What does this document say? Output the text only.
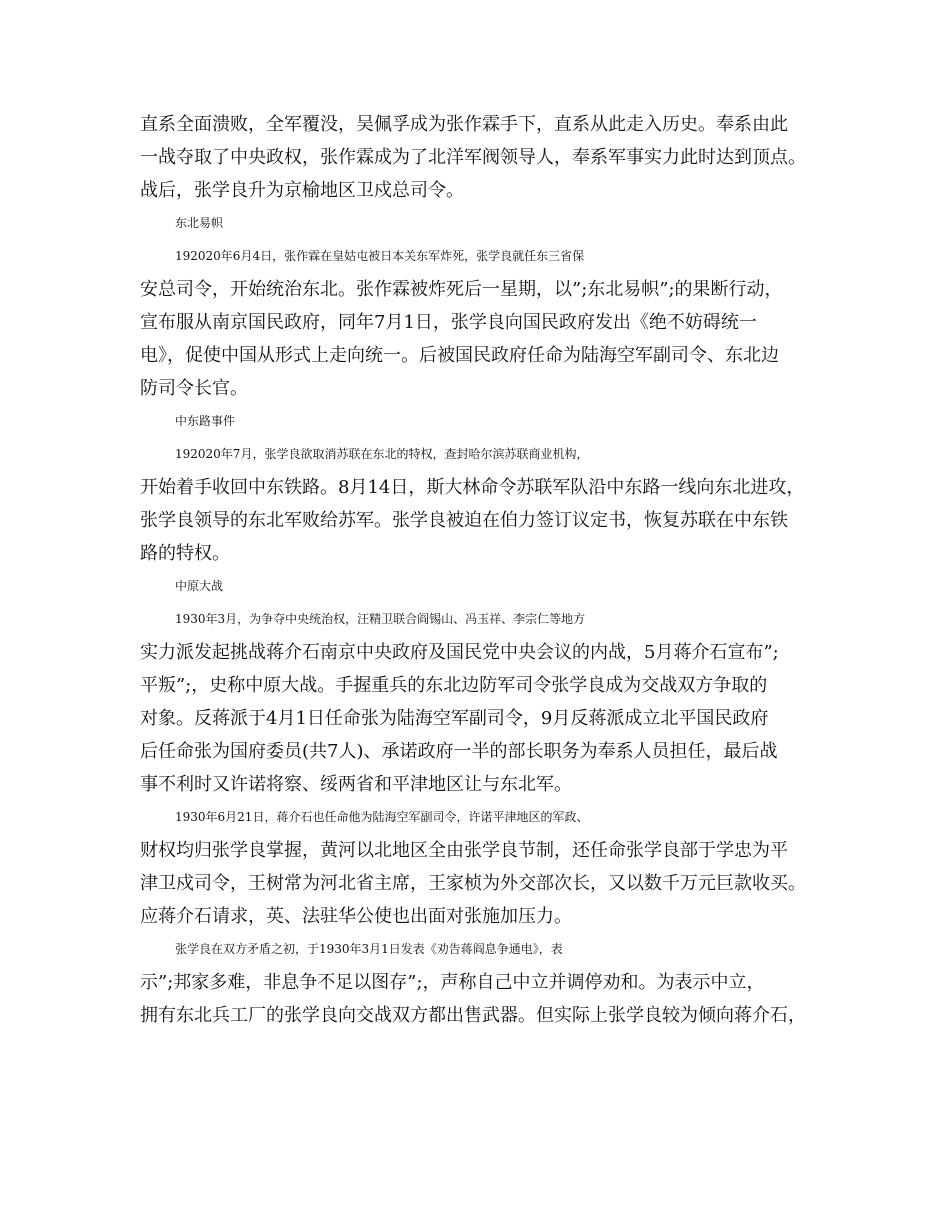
直系全面溃败，全军覆没，吴佩孚成为张作霖手下，直系从此走入历史。奉系由此
一战夺取了中央政权，张作霖成为了北洋军阀领导人，奉系军事实力此时达到顶点。
战后，张学良升为京榆地区卫戍总司令。
东北易帜
192020年6月4日，张作霖在皇姑屯被日本关东军炸死，张学良就任东三省保
安总司令，开始统治东北。张作霖被炸死后一星期，以”;东北易帜”;的果断行动，
宣布服从南京国民政府，同年7月1日，张学良向国民政府发出《绝不妨碍统一
电》，促使中国从形式上走向统一。后被国民政府任命为陆海空军副司令、东北边
防司令长官。
中东路事件
192020年7月，张学良欲取消苏联在东北的特权，查封哈尔滨苏联商业机构，
开始着手收回中东铁路。8月14日，斯大林命令苏联军队沿中东路一线向东北进攻，
张学良领导的东北军败给苏军。张学良被迫在伯力签订议定书，恢复苏联在中东铁
路的特权。
中原大战
1930年3月，为争夺中央统治权，汪精卫联合阎锡山、冯玉祥、李宗仁等地方
实力派发起挑战蒋介石南京中央政府及国民党中央会议的内战，5月蒋介石宣布”;
平叛”;，史称中原大战。手握重兵的东北边防军司令张学良成为交战双方争取的
对象。反蒋派于4月1日任命张为陆海空军副司令，9月反蒋派成立北平国民政府
后任命张为国府委员(共7人)、承诺政府一半的部长职务为奉系人员担任，最后战
事不利时又许诺将察、绥两省和平津地区让与东北军。
1930年6月21日，蒋介石也任命他为陆海空军副司令，许诺平津地区的军政、
财权均归张学良掌握，黄河以北地区全由张学良节制，还任命张学良部于学忠为平
津卫戍司令，王树常为河北省主席，王家桢为外交部次长，又以数千万元巨款收买。
应蒋介石请求，英、法驻华公使也出面对张施加压力。
张学良在双方矛盾之初，于1930年3月1日发表《劝告蒋阎息争通电》，表
示”;邦家多难，非息争不足以图存”;，声称自己中立并调停劝和。为表示中立，
拥有东北兵工厂的张学良向交战双方都出售武器。但实际上张学良较为倾向蒋介石，
